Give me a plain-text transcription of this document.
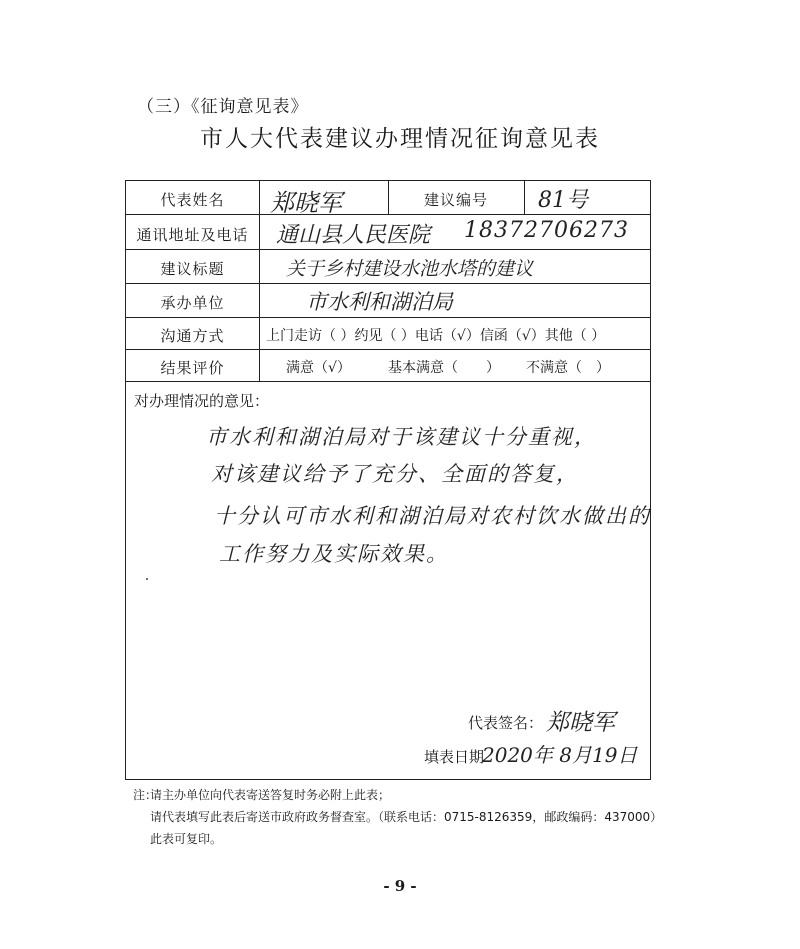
（三）《征询意见表》
市人大代表建议办理情况征询意见表
代表姓名	郑晓军	建议编号	81号
通讯地址及电话	通山县人民医院 18372706273
建议标题	关于乡村建设水池水塔的建议
承办单位	市水利和湖泊局
沟通方式	上门走访（ ）约见（ ）电话（√）信函（√）其他（ ）
结果评价	满意（√）	基本满意（　　） 不满意（　）
对办理情况的意见：
市水利和湖泊局对于该建议十分重视，
对该建议给予了充分、全面的答复，
十分认可市水利和湖泊局对农村饮水做出的
工作努力及实际效果。
代表签名： 郑晓军
填表日期
2020年 8月19日
注：
请主办单位向代表寄送答复时务必附上此表；
请代表填写此表后寄送市政府政务督查室。（联系电话：0715-8126359，邮政编码：437000）
此表可复印。
- 9 -
